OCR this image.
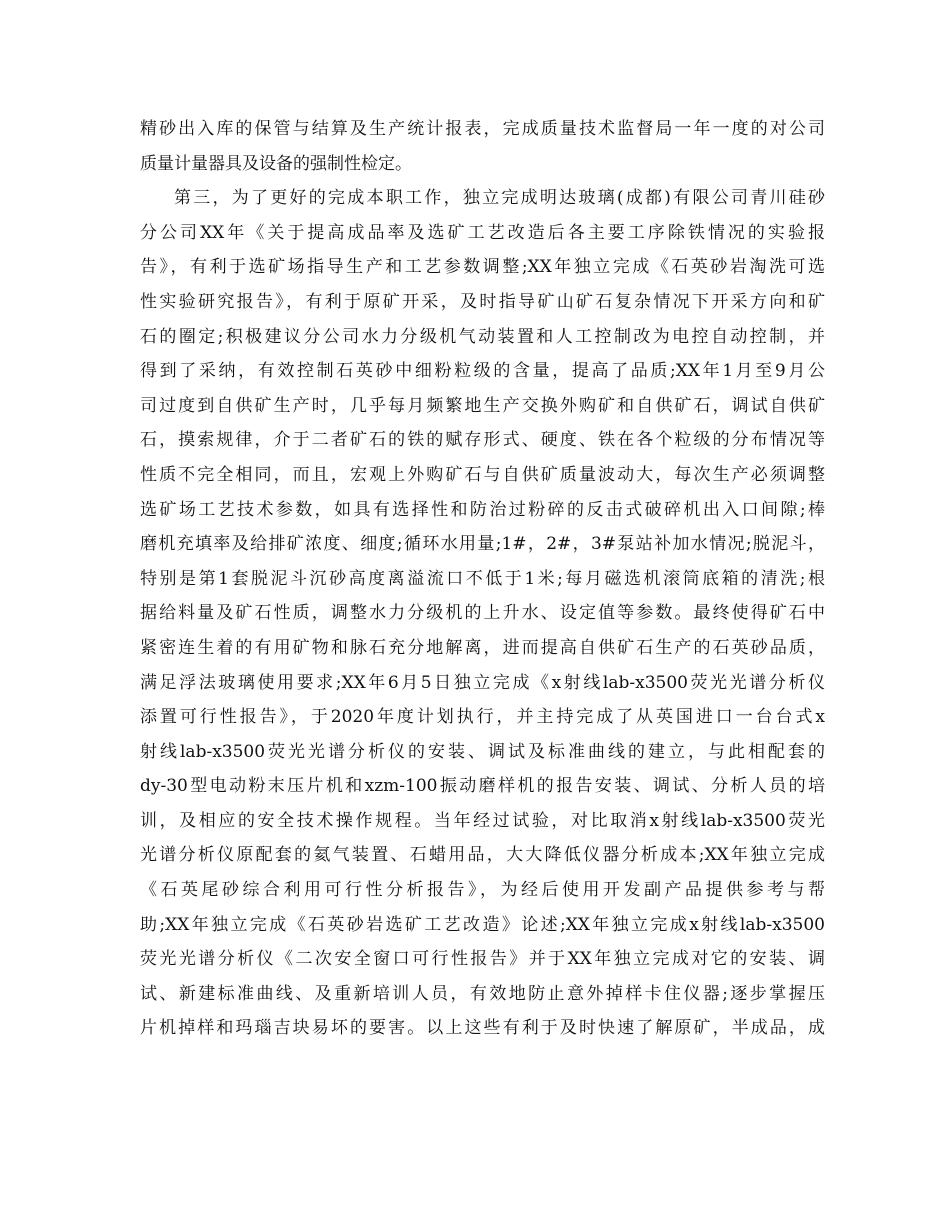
精砂出入库的保管与结算及生产统计报表，完成质量技术监督局一年一度的对公司
质量计量器具及设备的强制性检定。
第三，为了更好的完成本职工作，独立完成明达玻璃(成都)有限公司青川硅砂
分公司XX年《关于提高成品率及选矿工艺改造后各主要工序除铁情况的实验报
告》，有利于选矿场指导生产和工艺参数调整;XX年独立完成《石英砂岩淘洗可选
性实验研究报告》，有利于原矿开采，及时指导矿山矿石复杂情况下开采方向和矿
石的圈定;积极建议分公司水力分级机气动装置和人工控制改为电控自动控制，并
得到了采纳，有效控制石英砂中细粉粒级的含量，提高了品质;XX年1月至9月公
司过度到自供矿生产时，几乎每月频繁地生产交换外购矿和自供矿石，调试自供矿
石，摸索规律，介于二者矿石的铁的赋存形式、硬度、铁在各个粒级的分布情况等
性质不完全相同，而且，宏观上外购矿石与自供矿质量波动大，每次生产必须调整
选矿场工艺技术参数，如具有选择性和防治过粉碎的反击式破碎机出入口间隙;棒
磨机充填率及给排矿浓度、细度;循环水用量;1#，2#，3#泵站补加水情况;脱泥斗，
特别是第1套脱泥斗沉砂高度离溢流口不低于1米;每月磁选机滚筒底箱的清洗;根
据给料量及矿石性质，调整水力分级机的上升水、设定值等参数。最终使得矿石中
紧密连生着的有用矿物和脉石充分地解离，进而提高自供矿石生产的石英砂品质，
满足浮法玻璃使用要求;XX年6月5日独立完成《x射线lab-x3500荧光光谱分析仪
添置可行性报告》，于2020年度计划执行，并主持完成了从英国进口一台台式x
射线lab-x3500荧光光谱分析仪的安装、调试及标准曲线的建立，与此相配套的
dy-30型电动粉末压片机和xzm-100振动磨样机的报告安装、调试、分析人员的培
训，及相应的安全技术操作规程。当年经过试验，对比取消x射线lab-x3500荧光
光谱分析仪原配套的氦气装置、石蜡用品，大大降低仪器分析成本;XX年独立完成
《石英尾砂综合利用可行性分析报告》，为经后使用开发副产品提供参考与帮
助;XX年独立完成《石英砂岩选矿工艺改造》论述;XX年独立完成x射线lab-x3500
荧光光谱分析仪《二次安全窗口可行性报告》并于XX年独立完成对它的安装、调
试、新建标准曲线、及重新培训人员，有效地防止意外掉样卡住仪器;逐步掌握压
片机掉样和玛瑙吉块易坏的要害。以上这些有利于及时快速了解原矿，半成品，成
